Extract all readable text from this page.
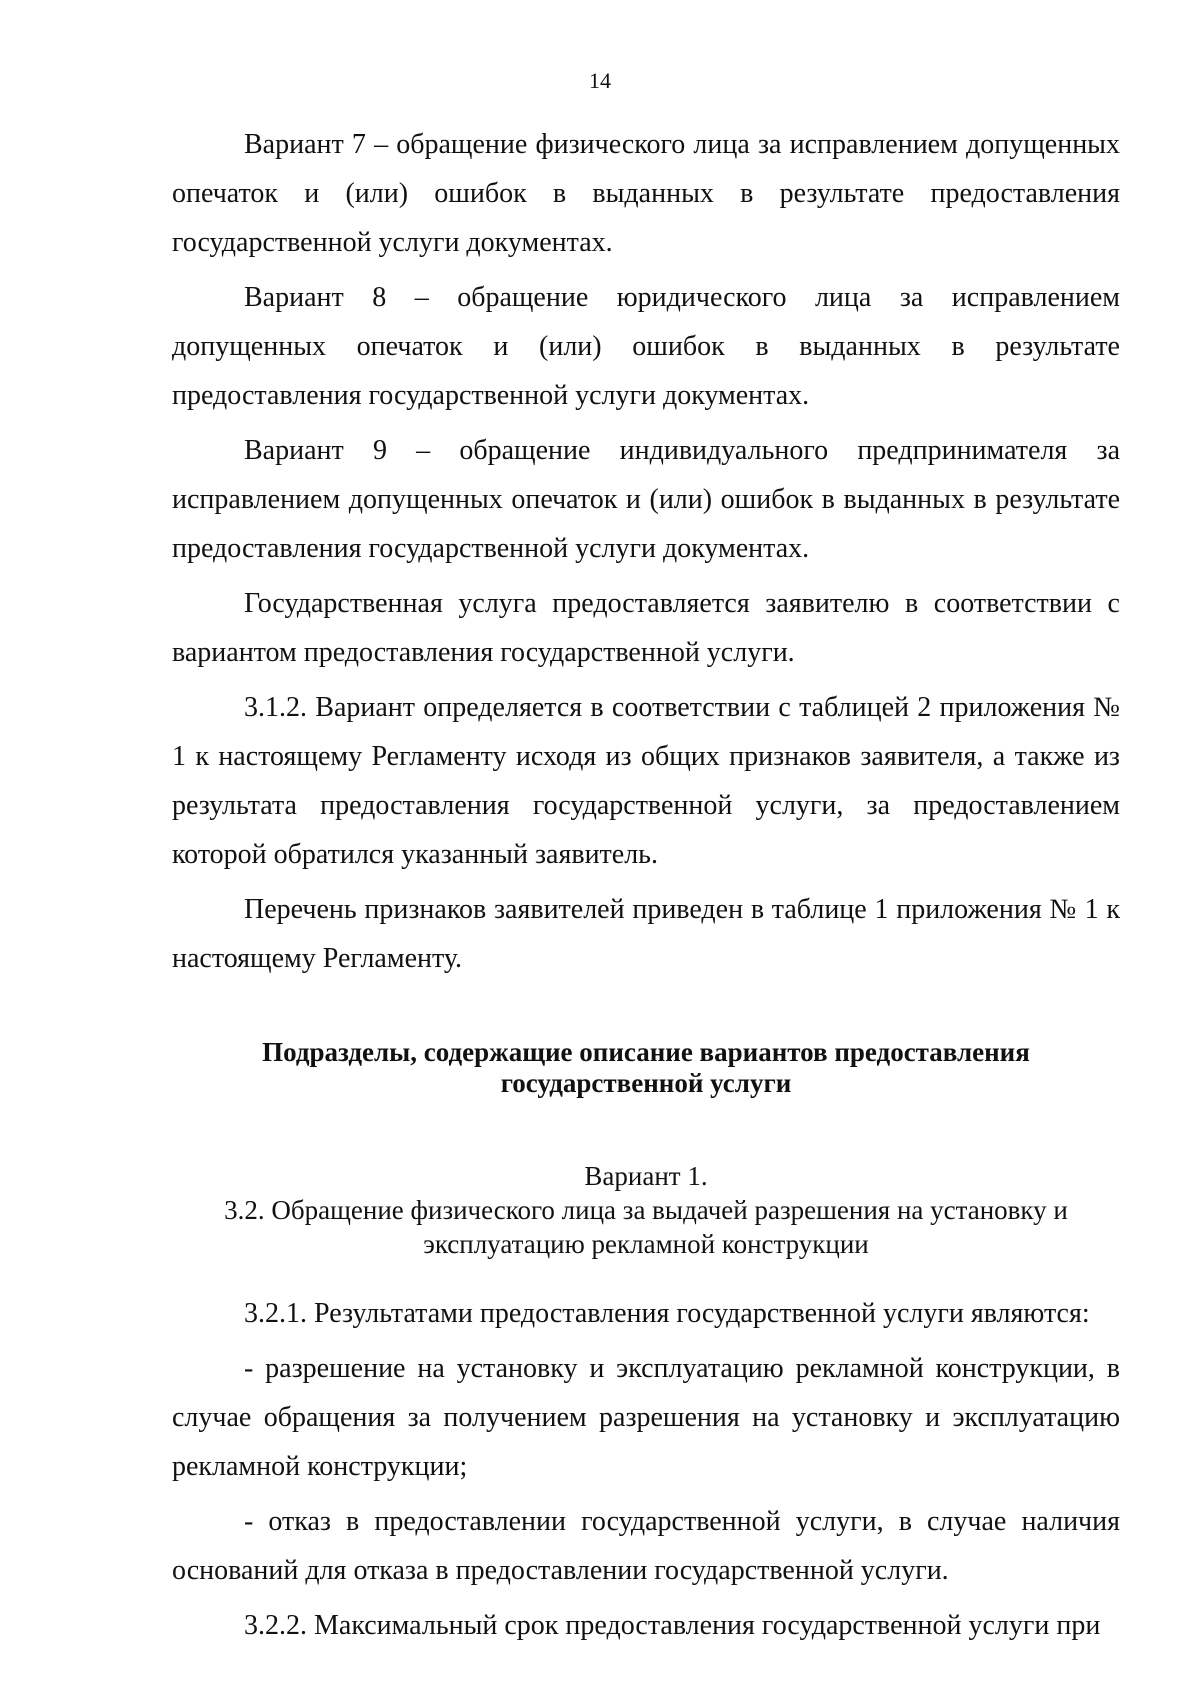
14

Вариант 7 – обращение физического лица за исправлением допущенных опечаток и (или) ошибок в выданных в результате предоставления государственной услуги документах.

Вариант 8 – обращение юридического лица за исправлением допущенных опечаток и (или) ошибок в выданных в результате предоставления государственной услуги документах.

Вариант 9 – обращение индивидуального предпринимателя за исправлением допущенных опечаток и (или) ошибок в выданных в результате предоставления государственной услуги документах.

Государственная услуга предоставляется заявителю в соответствии с вариантом предоставления государственной услуги.

3.1.2. Вариант определяется в соответствии с таблицей 2 приложения № 1 к настоящему Регламенту исходя из общих признаков заявителя, а также из результата предоставления государственной услуги, за предоставлением которой обратился указанный заявитель.

Перечень признаков заявителей приведен в таблице 1 приложения № 1 к настоящему Регламенту.

Подразделы, содержащие описание вариантов предоставления
государственной услуги
Вариант 1.
3.2. Обращение физического лица за выдачей разрешения на установку и
эксплуатацию рекламной конструкции

3.2.1. Результатами предоставления государственной услуги являются:

- разрешение на установку и эксплуатацию рекламной конструкции, в случае обращения за получением разрешения на установку и эксплуатацию рекламной конструкции;

- отказ в предоставлении государственной услуги, в случае наличия оснований для отказа в предоставлении государственной услуги.

3.2.2. Максимальный срок предоставления государственной услуги при
